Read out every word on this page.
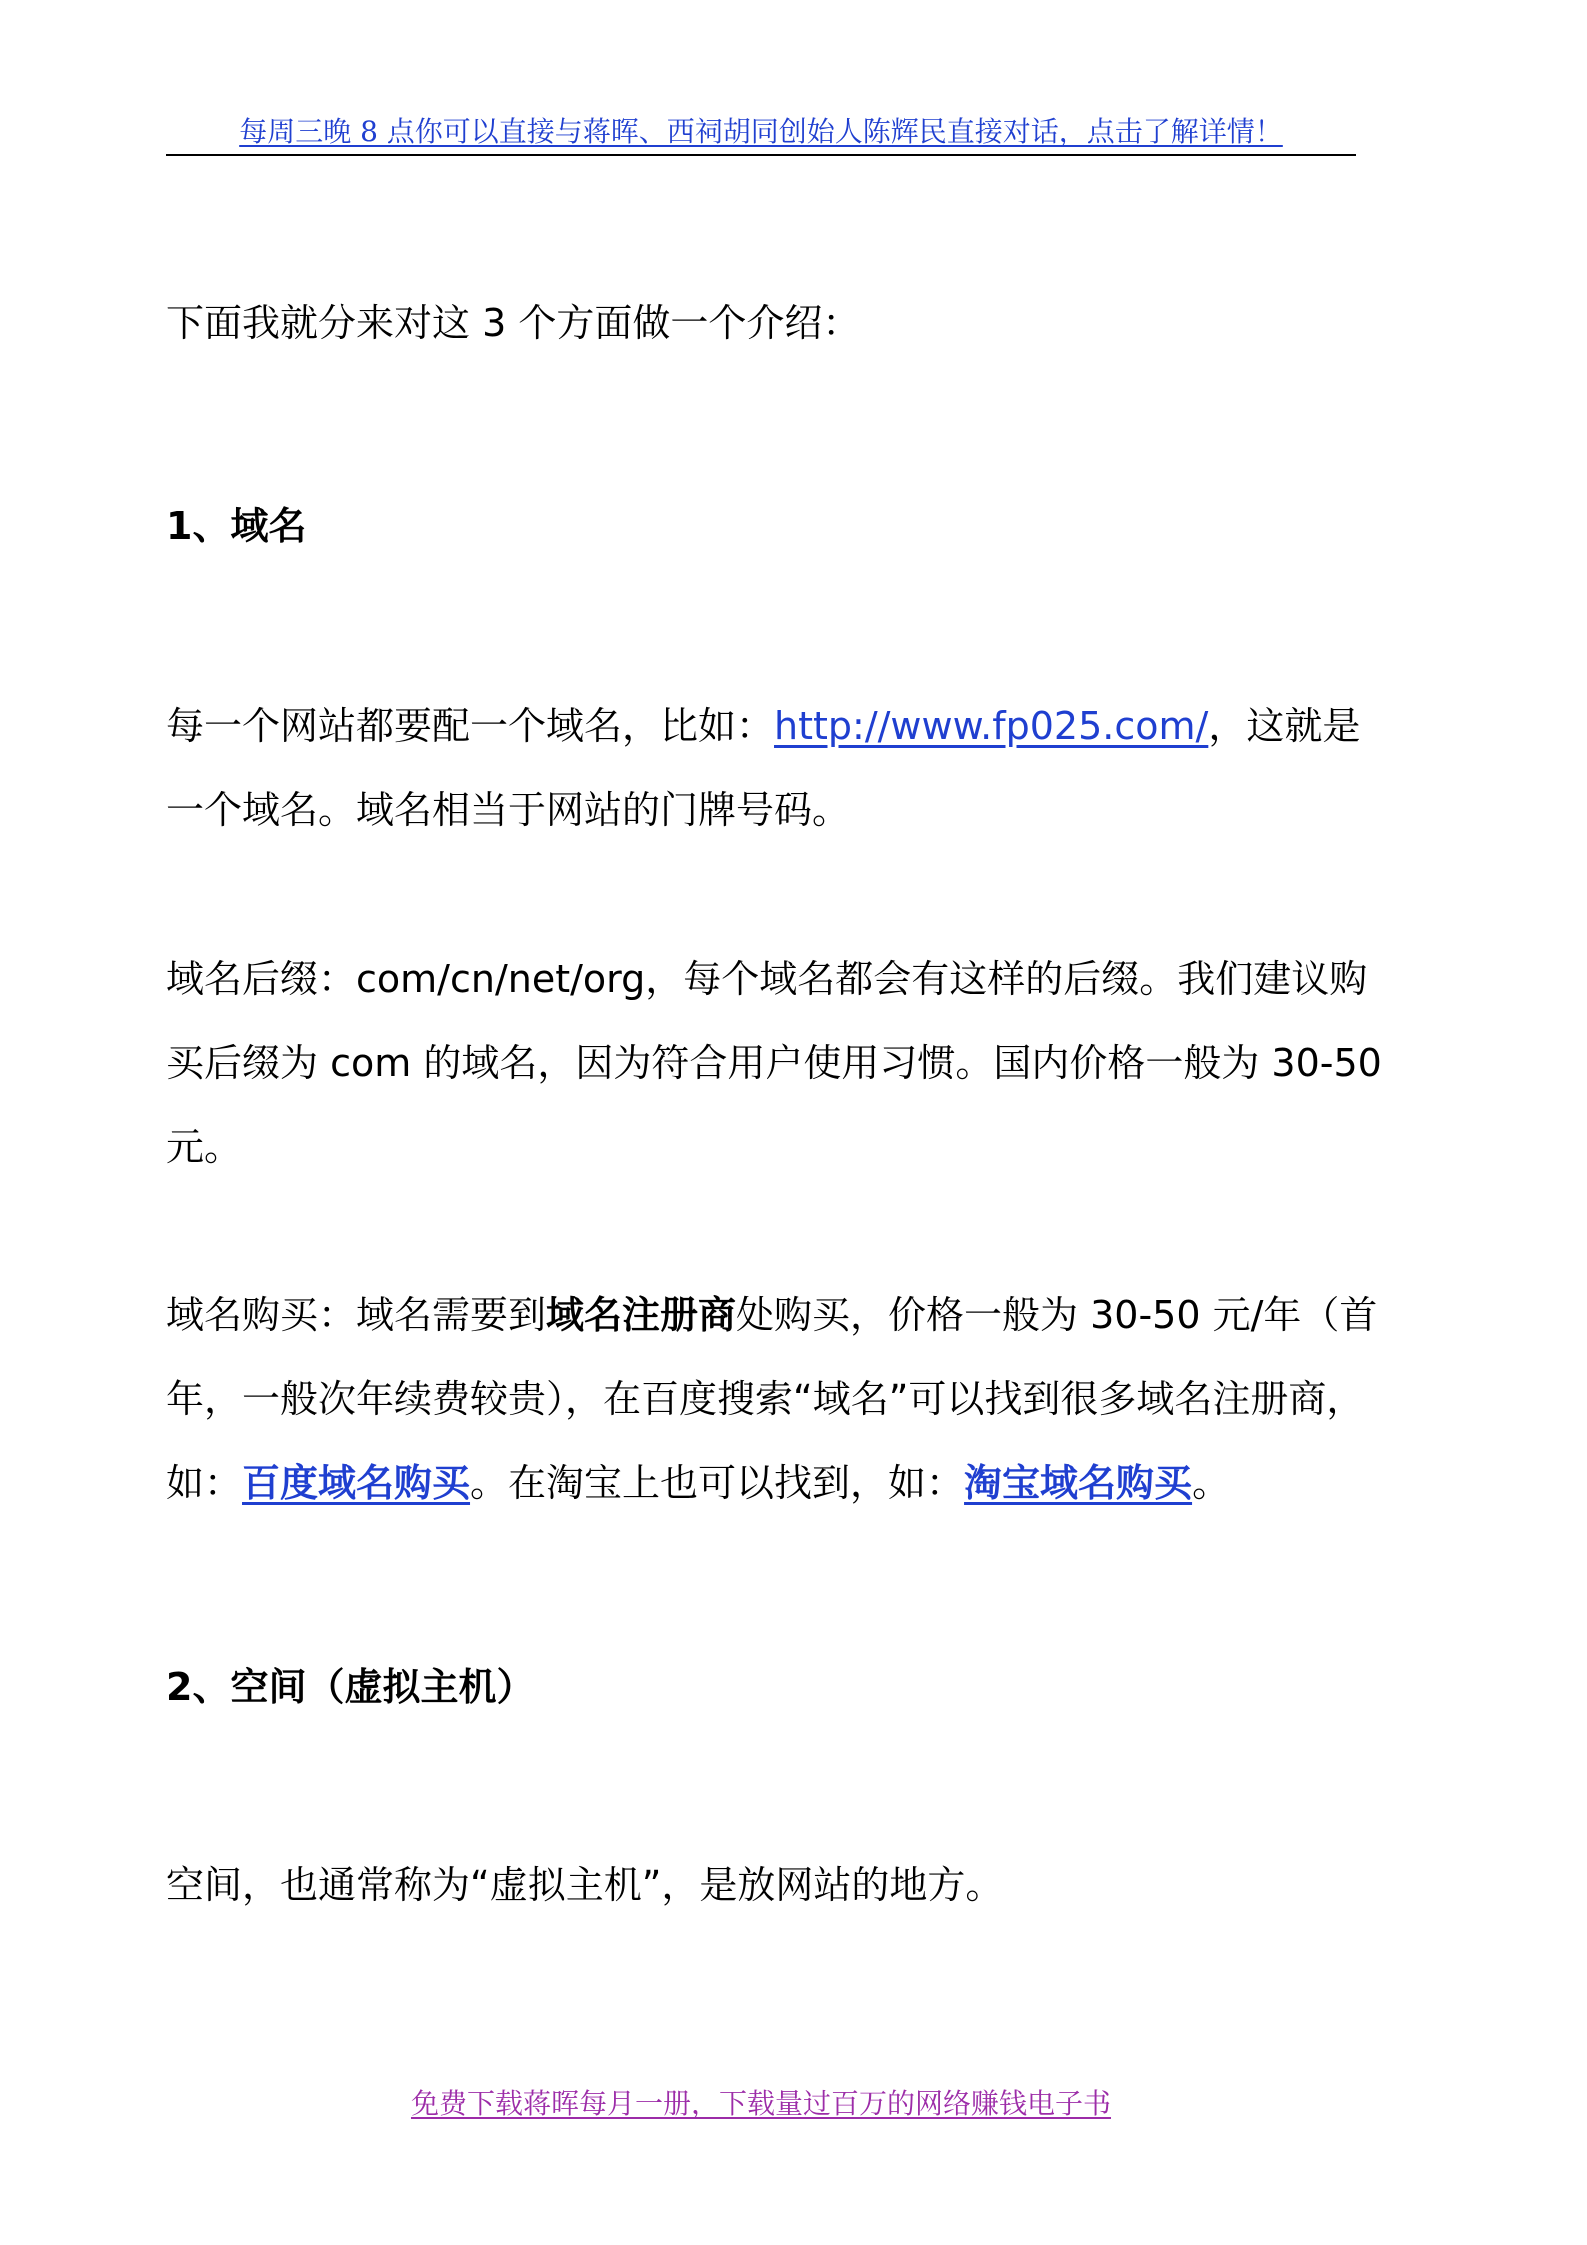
每周三晚 8 点你可以直接与蒋晖、西祠胡同创始人陈辉民直接对话，点击了解详情！

下面我就分来对这 3 个方面做一个介绍：

1、域名

每一个网站都要配一个域名，比如：http://www.fp025.com/，这就是
一个域名。域名相当于网站的门牌号码。

域名后缀：com/cn/net/org，每个域名都会有这样的后缀。我们建议购
买后缀为 com 的域名，因为符合用户使用习惯。国内价格一般为 30-50
元。

域名购买：域名需要到域名注册商处购买，价格一般为 30-50 元/年（首
年，一般次年续费较贵），在百度搜索“域名”可以找到很多域名注册商，
如：百度域名购买。在淘宝上也可以找到，如：淘宝域名购买。

2、空间（虚拟主机）

空间，也通常称为“虚拟主机”，是放网站的地方。

免费下载蒋晖每月一册，下载量过百万的网络赚钱电子书
